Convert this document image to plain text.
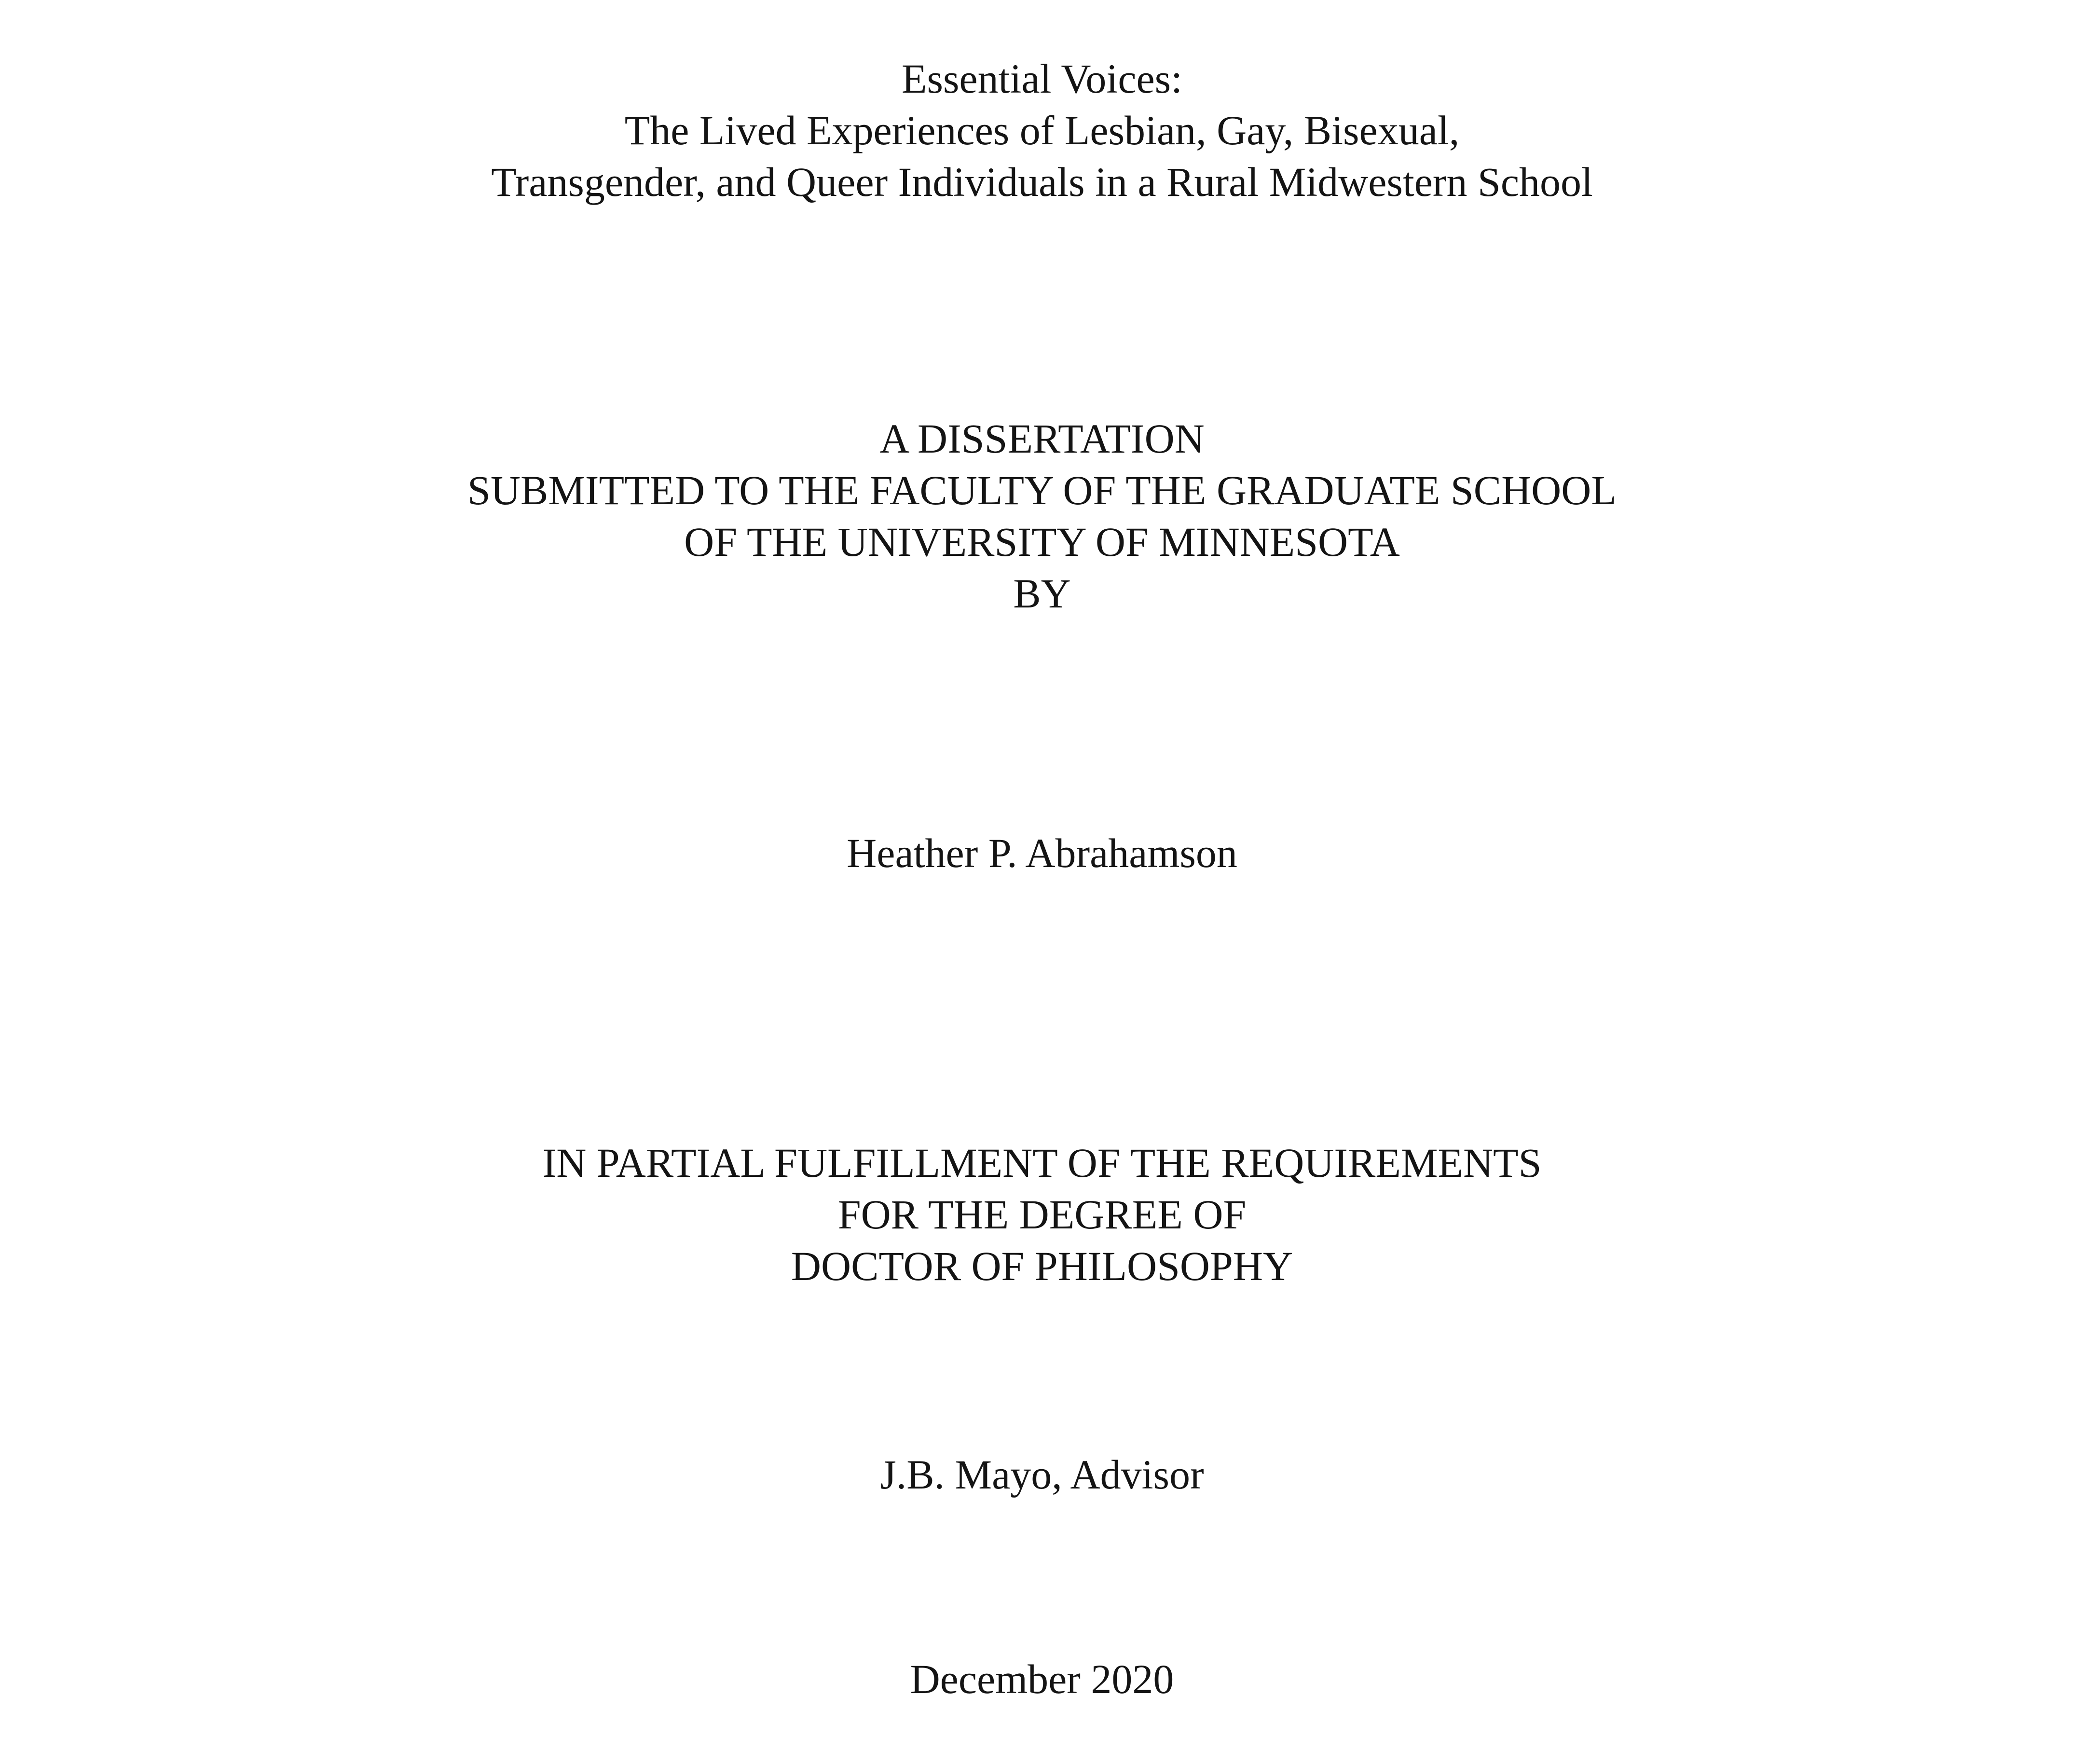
Essential Voices:
The Lived Experiences of Lesbian, Gay, Bisexual,
Transgender, and Queer Individuals in a Rural Midwestern School
A DISSERTATION
SUBMITTED TO THE FACULTY OF THE GRADUATE SCHOOL
OF THE UNIVERSITY OF MINNESOTA
BY
Heather P. Abrahamson
IN PARTIAL FULFILLMENT OF THE REQUIREMENTS
FOR THE DEGREE OF
DOCTOR OF PHILOSOPHY
J.B. Mayo, Advisor
December 2020
